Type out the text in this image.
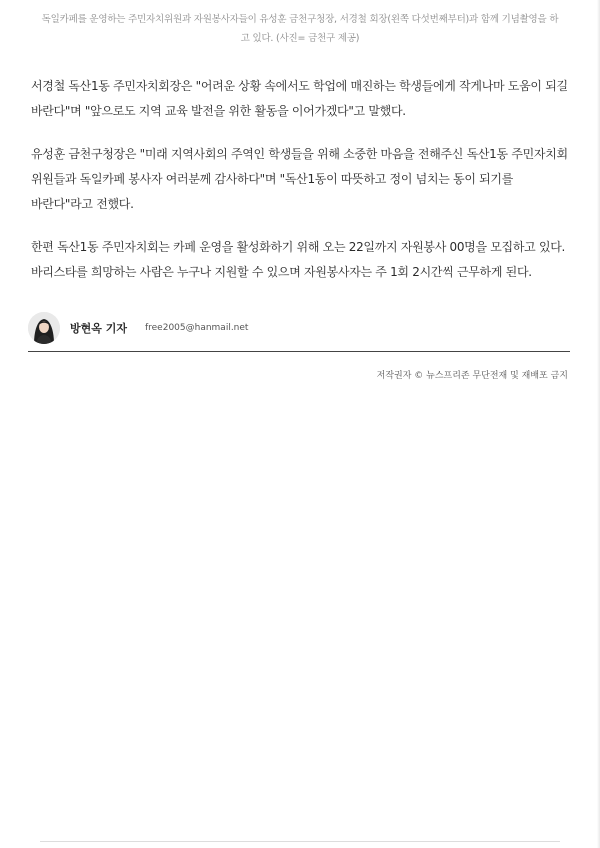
독일카페를 운영하는 주민자치위원과 자원봉사자들이 유성훈 금천구청장, 서경철 회장(왼쪽 다섯번째부터)과 함께 기념촬영을 하고 있다. (사진= 금천구 제공)

서경철 독산1동 주민자치회장은 "어려운 상황 속에서도 학업에 매진하는 학생들에게 작게나마 도움이 되길 바란다"며 "앞으로도 지역 교육 발전을 위한 활동을 이어가겠다"고 말했다.

유성훈 금천구청장은 "미래 지역사회의 주역인 학생들을 위해 소중한 마음을 전해주신 독산1동 주민자치회 위원들과 독일카페 봉사자 여러분께 감사하다"며 "독산1동이 따뜻하고 정이 넘치는 동이 되기를 바란다"라고 전했다.

한편 독산1동 주민자치회는 카페 운영을 활성화하기 위해 오는 22일까지 자원봉사 00명을 모집하고 있다. 바리스타를 희망하는 사람은 누구나 지원할 수 있으며 자원봉사자는 주 1회 2시간씩 근무하게 된다.

방현옥 기자 free2005@hanmail.net
저작권자 © 뉴스프리존 무단전재 및 재배포 금지
